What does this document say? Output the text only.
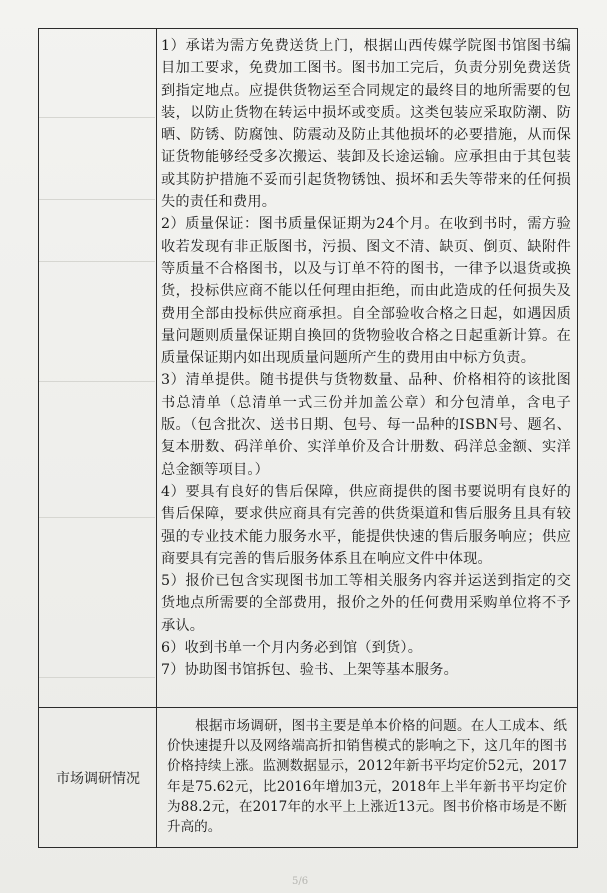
1）承诺为需方免费送货上门，根据山西传媒学院图书馆图书编目加工要求，免费加工图书。图书加工完后，负责分别免费送货到指定地点。应提供货物运至合同规定的最终目的地所需要的包装，以防止货物在转运中损坏或变质。这类包装应采取防潮、防晒、防锈、防腐蚀、防震动及防止其他损坏的必要措施，从而保证货物能够经受多次搬运、装卸及长途运输。应承担由于其包装或其防护措施不妥而引起货物锈蚀、损坏和丢失等带来的任何损失的责任和费用。

2）质量保证：图书质量保证期为24个月。在收到书时，需方验收若发现有非正版图书，污损、图文不清、缺页、倒页、缺附件等质量不合格图书，以及与订单不符的图书，一律予以退货或换货，投标供应商不能以任何理由拒绝，而由此造成的任何损失及费用全部由投标供应商承担。自全部验收合格之日起，如遇因质量问题则质量保证期自換回的货物验收合格之日起重新计算。在质量保证期内如出现质量问题所产生的费用由中标方负责。

3）清单提供。随书提供与货物数量、品种、价格相符的该批图书总清单（总清单一式三份并加盖公章）和分包清单，含电子版。（包含批次、送书日期、包号、每一品种的ISBN号、题名、复本册数、码洋单价、实洋单价及合计册数、码洋总金额、实洋总金额等项目。）

4）要具有良好的售后保障，供应商提供的图书要说明有良好的售后保障，要求供应商具有完善的供货渠道和售后服务且具有较强的专业技术能力服务水平，能提供快速的售后服务响应；供应商要具有完善的售后服务体系且在响应文件中体现。

5）报价已包含实现图书加工等相关服务内容并运送到指定的交货地点所需要的全部费用，报价之外的任何费用采购单位将不予承认。

6）收到书单一个月内务必到馆（到货）。

7）协助图书馆拆包、验书、上架等基本服务。

市场调研情况
根据市场调研，图书主要是单本价格的问题。在人工成本、纸价快速提升以及网络端高折扣销售模式的影响之下，这几年的图书价格持续上涨。监测数据显示，2012年新书平均定价52元，2017年是75.62元，比2016年增加3元，2018年上半年新书平均定价为88.2元，在2017年的水平上上涨近13元。图书价格市场是不断升高的。
5/6
